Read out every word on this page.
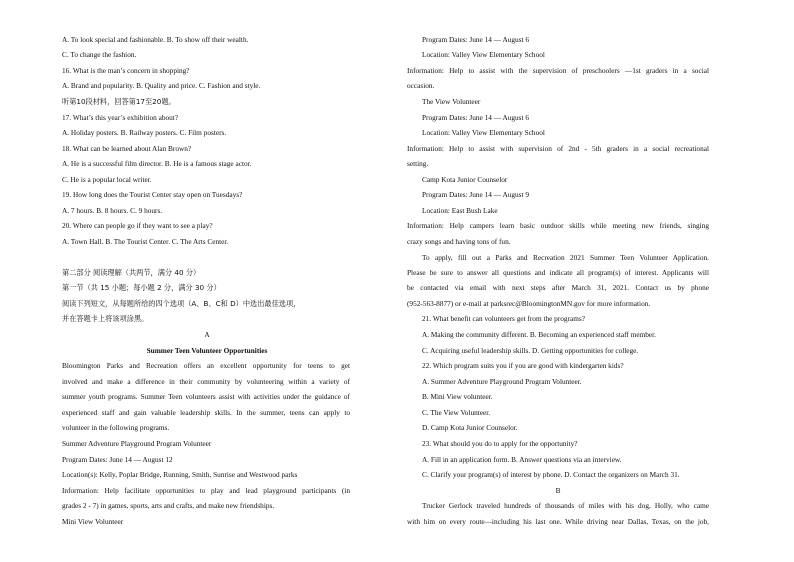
A. To look special and fashionable. B. To show off their wealth.
C. To change the fashion.
16. What is the man’s concern in shopping?
A. Brand and popularity. B. Quality and price. C. Fashion and style.
听第10段材料，回答第17至20题。
17. What’s this year’s exhibition about?
A. Holiday posters. B. Railway posters. C. Film posters.
18. What can be learned about Alan Brown?
A. He is a successful film director. B. He is a famous stage actor.
C. He is a popular local writer.
19. How long does the Tourist Center stay open on Tuesdays?
A. 7 hours. B. 8 hours. C. 9 hours.
20. Where can people go if they want to see a play?
A. Town Hall. B. The Tourist Center. C. The Arts Center.
第二部分 阅读理解（共两节，满分 40 分）
第一节（共 15 小题；每小题 2 分，满分 30 分）
阅读下列短文，从每题所给的四个选项（A、B、C和 D）中选出最佳选项，
并在答题卡上将该项涂黑。
A
Summer Teen Volunteer Opportunities
Bloomington Parks and Recreation offers an excellent opportunity for teens to get
involved and make a difference in their community by volunteering within a variety of
summer youth programs. Summer Teen volunteers assist with activities under the guidance of
experienced staff and gain valuable leadership skills. In the summer, teens can apply to
volunteer in the following programs.
Summer Adventure Playground Program Volunteer
Program Dates: June 14 — August 12
Location(s): Kelly, Poplar Bridge, Running, Smith, Sunrise and Westwood parks
Information: Help facilitate opportunities to play and lead playground participants (in
grades 2 - 7) in games, sports, arts and crafts, and make new friendships.
Mini View Volunteer
Program Dates: June 14 — August 6
Location: Valley View Elementary School
Information: Help to assist with the supervision of preschoolers —1st graders in a social
occasion.
The View Volunteer
Program Dates: June 14 — August 6
Location: Valley View Elementary School
Information: Help to assist with supervision of 2nd - 5th graders in a social recreational
setting.
Camp Kota Junior Counselor
Program Dates: June 14 — August 9
Location: East Bush Lake
Information: Help campers learn basic outdoor skills while meeting new friends, singing
crazy songs and having tons of fun.
To apply, fill out a Parks and Recreation 2021 Summer Teen Volunteer Application.
Please be sure to answer all questions and indicate all program(s) of interest. Applicants will
be contacted via email with next steps after March 31, 2021. Contact us by phone
(952-563-8877) or e-mail at parksrec@BloomingtonMN.gov for more information.
21. What benefit can volunteers get from the programs?
A. Making the community different. B. Becoming an experienced staff member.
C. Acquiring useful leadership skills. D. Getting opportunities for college.
22. Which program suits you if you are good with kindergarten kids?
A. Summer Adventure Playground Program Volunteer.
B. Mini View volunteer.
C. The View Volunteer.
D. Camp Kota Junior Counselor.
23. What should you do to apply for the opportunity?
A. Fill in an application form. B. Answer questions via an interview.
C. Clarify your program(s) of interest by phone. D. Contact the organizers on March 31.
B
Trucker Gerlock traveled hundreds of thousands of miles with his dog, Holly, who came
with him on every route—including his last one. While driving near Dallas, Texas, on the job,
